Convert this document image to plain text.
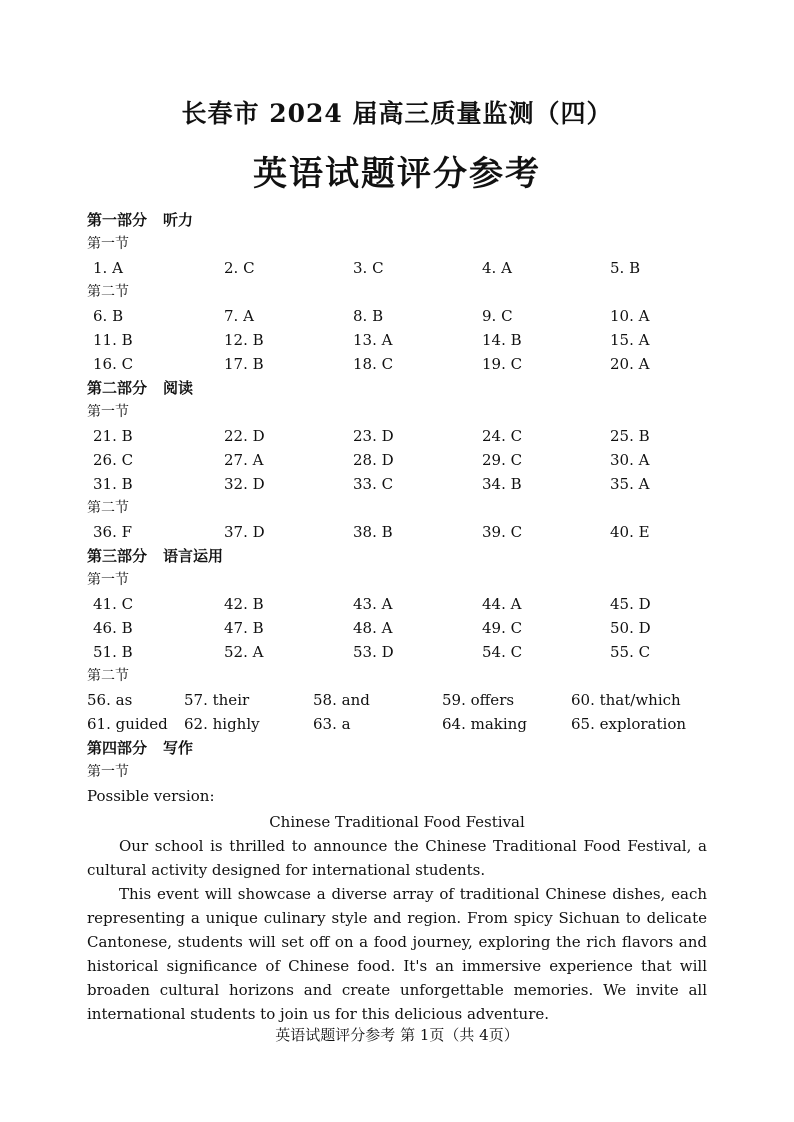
长春市 2024 届高三质量监测（四）
英语试题评分参考
第一部分 听力
第一节
1. A	2. C	3. C	4. A	5. B
第二节
6. B	7. A	8. B	9. C	10. A
11. B	12. B	13. A	14. B	15. A
16. C	17. B	18. C	19. C	20. A
第二部分 阅读
第一节
21. B	22. D	23. D	24. C	25. B
26. C	27. A	28. D	29. C	30. A
31. B	32. D	33. C	34. B	35. A
第二节
36. F	37. D	38. B	39. C	40. E
第三部分 语言运用
第一节
41. C	42. B	43. A	44. A	45. D
46. B	47. B	48. A	49. C	50. D
51. B	52. A	53. D	54. C	55. C
第二节
56. as	57. their	58. and	59. offers	60. that/which
61. guided 62. highly	63. a	64. making	65. exploration
第四部分 写作
第一节
Possible version:
Chinese Traditional Food Festival

Our school is thrilled to announce the Chinese Traditional Food Festival, a cultural activity designed for international students.

This event will showcase a diverse array of traditional Chinese dishes, each representing a unique culinary style and region. From spicy Sichuan to delicate Cantonese, students will set off on a food journey, exploring the rich flavors and historical significance of Chinese food. It's an immersive experience that will broaden cultural horizons and create unforgettable memories. We invite all international students to join us for this delicious adventure.

英语试题评分参考 第 1页（共 4页）
